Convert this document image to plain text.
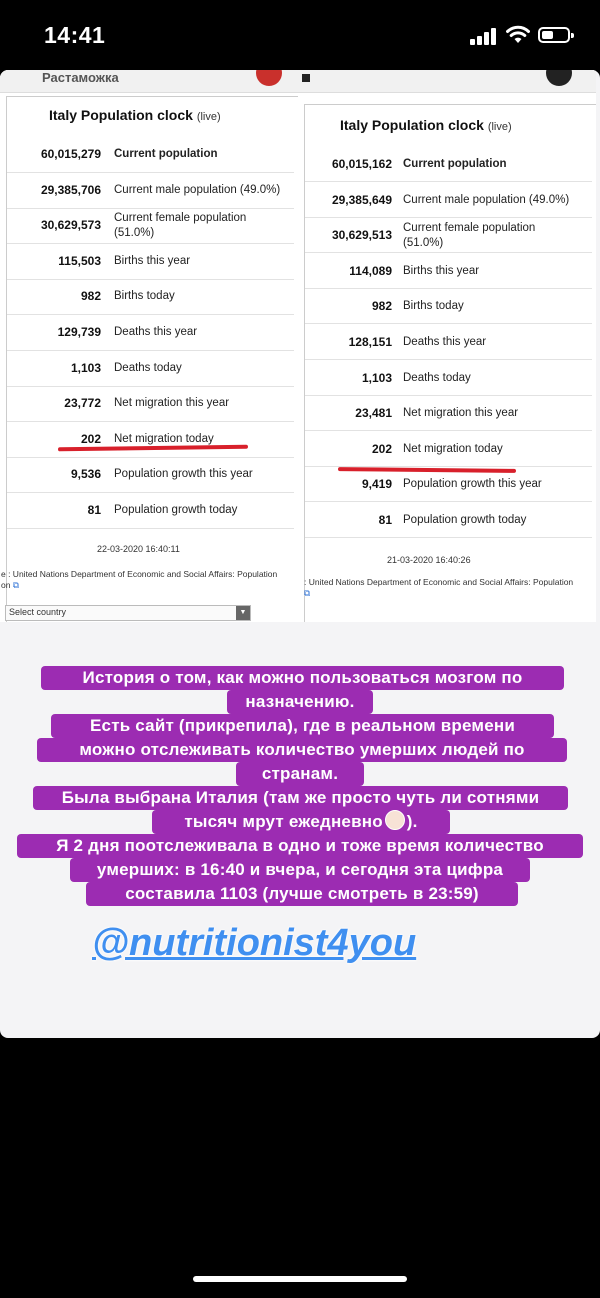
14:41
Растаможка
Italy Population clock (live)
60,015,279 Current population
29,385,706 Current male population (49.0%)
30,629,573 Current female population
(51.0%)
115,503 Births this year
982 Births today
129,739 Deaths this year
1,103 Deaths today
23,772 Net migration this year
202 Net migration today
9,536 Population growth this year
81 Population growth today
22-03-2020 16:40:11
e : United Nations Department of Economic and Social Affairs: Population
on ⧉
Select country	▼
Italy Population clock (live)
60,015,162 Current population
29,385,649 Current male population (49.0%)
30,629,513 Current female population
(51.0%)
114,089 Births this year
982 Births today
128,151 Deaths this year
1,103 Deaths today
23,481 Net migration this year
202 Net migration today
9,419 Population growth this year
81 Population growth today
21-03-2020 16:40:26
: United Nations Department of Economic and Social Affairs: Population
⧉
История о том, как можно пользоваться мозгом по
назначению.
Есть сайт (прикрепила), где в реальном времени
можно отслеживать количество умерших людей по
странам.
Была выбрана Италия (там же просто чуть ли сотнями
тысяч мрут ежедневно ).
Я 2 дня поотслеживала в одно и тоже время количество
умерших: в 16:40 и вчера, и сегодня эта цифра
составила 1103 (лучше смотреть в 23:59)
@nutritionist4you
